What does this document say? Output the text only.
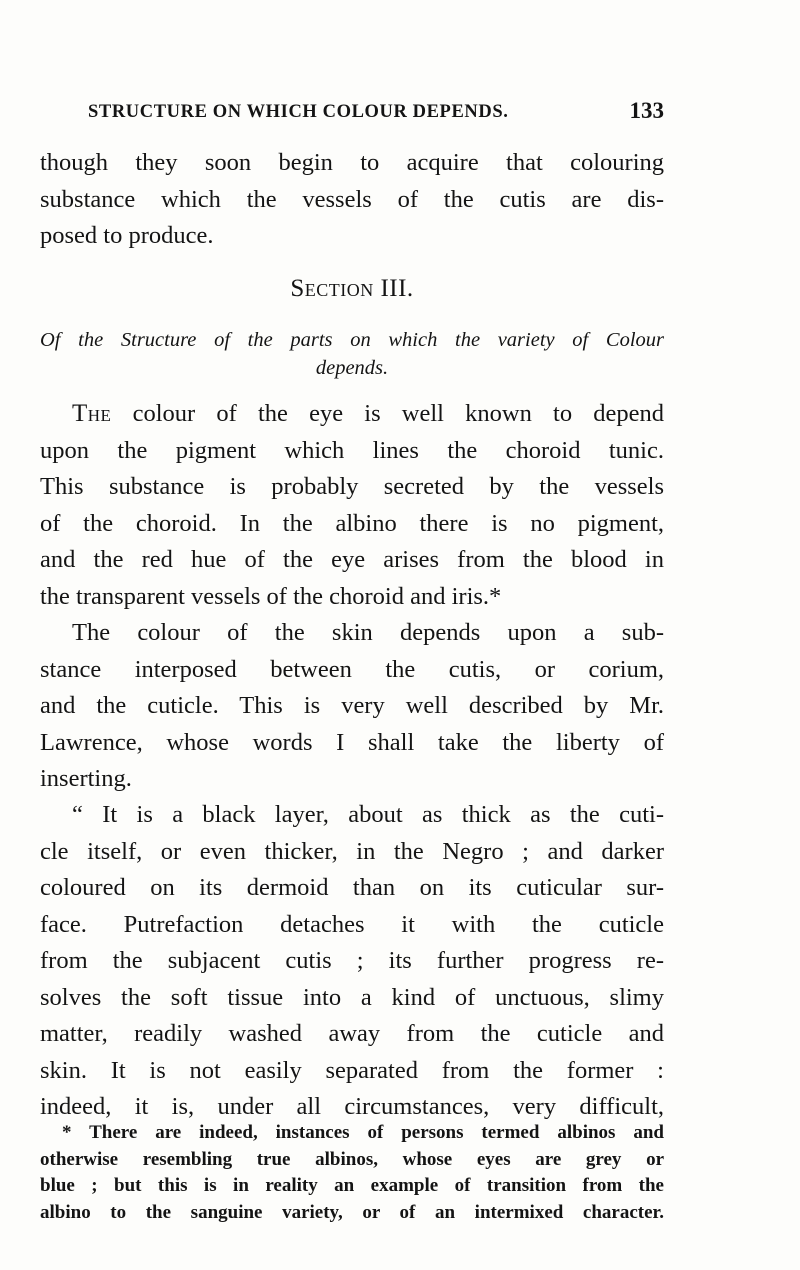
STRUCTURE ON WHICH COLOUR DEPENDS.	133
though they soon begin to acquire that colouring
substance which the vessels of the cutis are dis-
posed to produce.
Section III.
Of the Structure of the parts on which the variety of Colour
depends.
The colour of the eye is well known to depend
upon the pigment which lines the choroid tunic.
This substance is probably secreted by the vessels
of the choroid. In the albino there is no pigment,
and the red hue of the eye arises from the blood in
the transparent vessels of the choroid and iris.*
The colour of the skin depends upon a sub-
stance interposed between the cutis, or corium,
and the cuticle. This is very well described by Mr.
Lawrence, whose words I shall take the liberty of
inserting.
“ It is a black layer, about as thick as the cuti-
cle itself, or even thicker, in the Negro ; and darker
coloured on its dermoid than on its cuticular sur-
face. Putrefaction detaches it with the cuticle
from the subjacent cutis ; its further progress re-
solves the soft tissue into a kind of unctuous, slimy
matter, readily washed away from the cuticle and
skin. It is not easily separated from the former :
indeed, it is, under all circumstances, very difficult,
* There are indeed, instances of persons termed albinos and
otherwise resembling true albinos, whose eyes are grey or
blue ; but this is in reality an example of transition from the
albino to the sanguine variety, or of an intermixed character.
